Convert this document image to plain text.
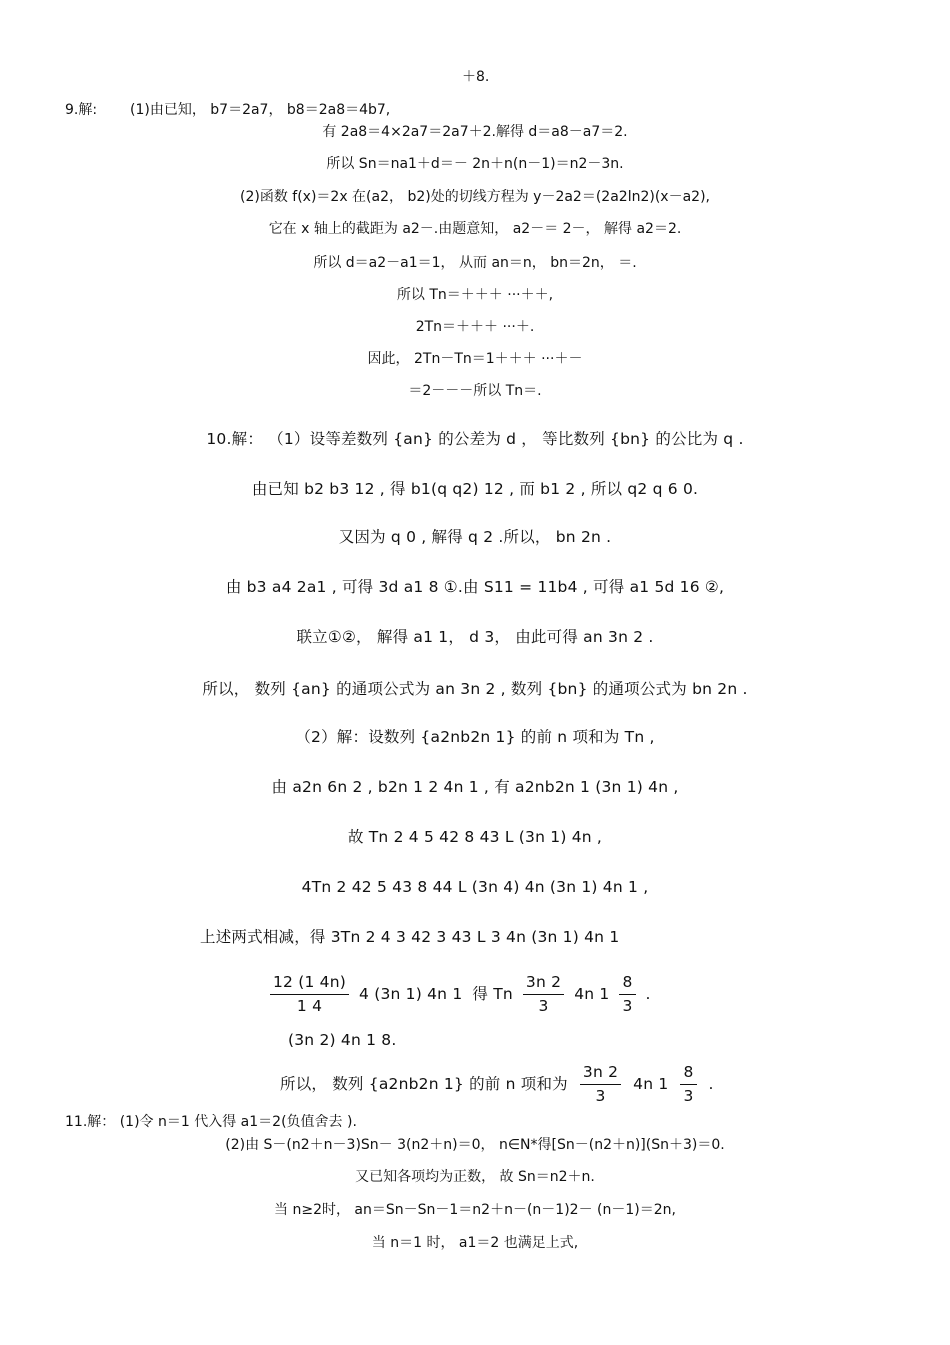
＋8.
9.解: (1)由已知， b7＝2a7， b8＝2a8＝4b7,
有 2a8＝4×2a7＝2a7＋2.解得 d＝a8－a7＝2.
所以 Sn＝na1＋d＝－ 2n＋n(n－1)＝n2－3n.
(2)函数 f(x)＝2x 在(a2， b2)处的切线方程为 y－2a2＝(2a2ln2)(x－a2),
它在 x 轴上的截距为 a2－.由题意知， a2－＝ 2－， 解得 a2＝2.
所以 d＝a2－a1＝1， 从而 an＝n， bn＝2n， ＝.
所以 Tn＝＋＋＋ ···＋＋,
2Tn＝＋＋＋ ···＋.
因此， 2Tn－Tn＝1＋＋＋ ···＋－
＝2－－－所以 Tn＝.
10.解： （1）设等差数列 {an} 的公差为 d ， 等比数列 {bn} 的公比为 q .
由已知 b2 b3 12 , 得 b1(q q2) 12 , 而 b1 2 , 所以 q2 q 6 0.
又因为 q 0 , 解得 q 2 .所以， bn 2n .
由 b3 a4 2a1 , 可得 3d a1 8 ①.由 S11 = 11b4 , 可得 a1 5d 16 ②,
联立①②， 解得 a1 1， d 3， 由此可得 an 3n 2 .
所以， 数列 {an} 的通项公式为 an 3n 2 , 数列 {bn} 的通项公式为 bn 2n .
（2）解：设数列 {a2nb2n 1} 的前 n 项和为 Tn ,
由 a2n 6n 2 , b2n 1 2 4n 1 , 有 a2nb2n 1 (3n 1) 4n ,
故 Tn 2 4 5 42 8 43 L (3n 1) 4n ,
4Tn 2 42 5 43 8 44 L (3n 4) 4n (3n 1) 4n 1 ,
上述两式相减，得 3Tn 2 4 3 42 3 43 L 3 4n (3n 1) 4n 1
$\frac{12 (1 4n)}{1 4} 4$ (3n 1) 4n 1 得 Tn $\frac{3n 2}{3} 4n$ $1 \frac{8}{3}$ .
(3n 2) 4n 1 8.
所以， 数列 {a2nb2n 1} 的前 n 项和为 $\frac{3n 2}{3} 4n$ $1 \frac{8}{3}$ .
11.解： (1)令 n＝1 代入得 a1＝2(负值舍去 ).
(2)由 S－(n2＋n－3)Sn－ 3(n2＋n)＝0， n∈N*得[Sn－(n2＋n)](Sn＋3)＝0.
又已知各项均为正数， 故 Sn＝n2＋n.
当 n≥2时， an＝Sn－Sn－1＝n2＋n－(n－1)2－ (n－1)＝2n,
当 n＝1 时， a1＝2 也满足上式,
